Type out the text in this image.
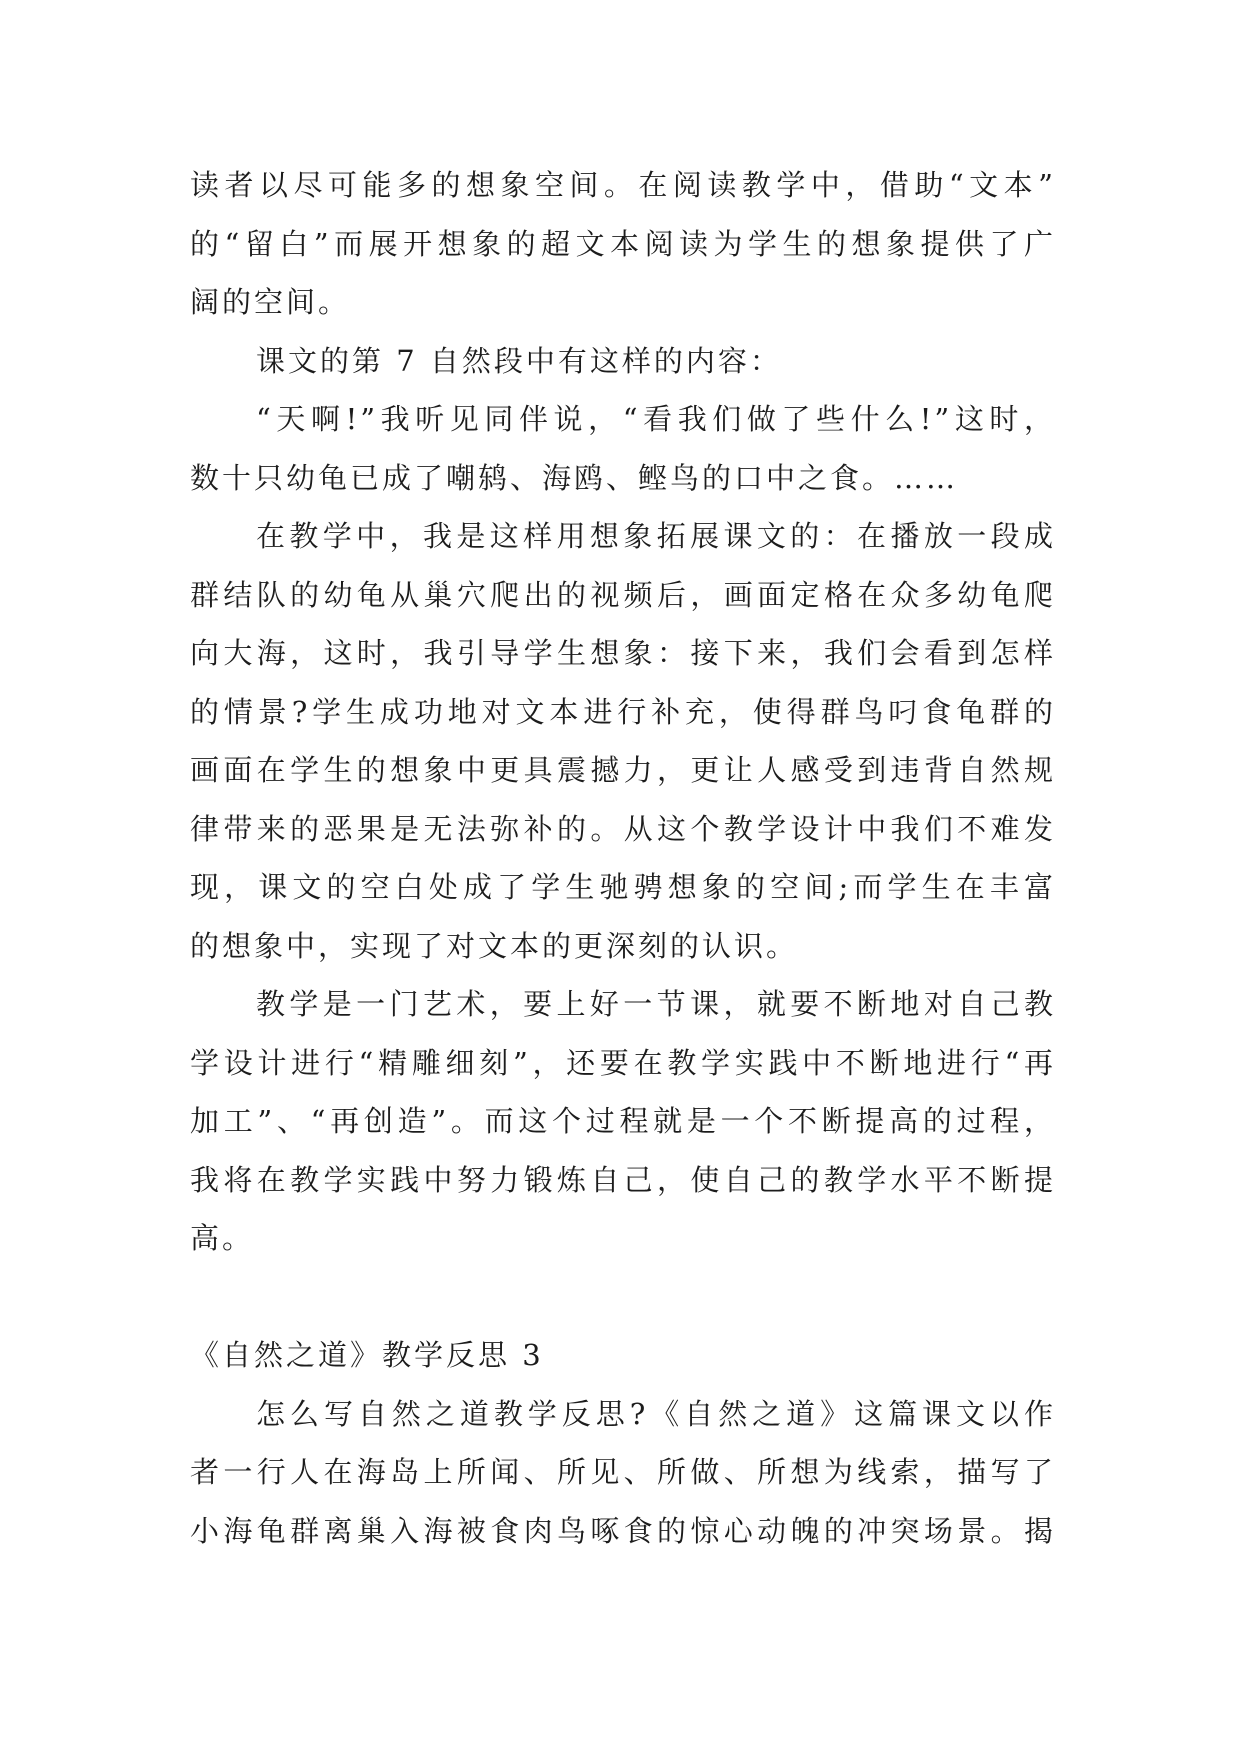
读者以尽可能多的想象空间。在阅读教学中，借助“文本”
的“留白”而展开想象的超文本阅读为学生的想象提供了广
阔的空间。
课文的第 7 自然段中有这样的内容：
“天啊!”我听见同伴说，“看我们做了些什么!”这时，
数十只幼龟已成了嘲鸫、海鸥、鲣鸟的口中之食。……
在教学中，我是这样用想象拓展课文的：在播放一段成
群结队的幼龟从巢穴爬出的视频后，画面定格在众多幼龟爬
向大海，这时，我引导学生想象：接下来，我们会看到怎样
的情景?学生成功地对文本进行补充，使得群鸟叼食龟群的
画面在学生的想象中更具震撼力，更让人感受到违背自然规
律带来的恶果是无法弥补的。从这个教学设计中我们不难发
现，课文的空白处成了学生驰骋想象的空间;而学生在丰富
的想象中，实现了对文本的更深刻的认识。
教学是一门艺术，要上好一节课，就要不断地对自己教
学设计进行“精雕细刻”，还要在教学实践中不断地进行“再
加工”、“再创造”。而这个过程就是一个不断提高的过程，
我将在教学实践中努力锻炼自己，使自己的教学水平不断提
高。
《自然之道》教学反思 3
怎么写自然之道教学反思?《自然之道》这篇课文以作
者一行人在海岛上所闻、所见、所做、所想为线索，描写了
小海龟群离巢入海被食肉鸟啄食的惊心动魄的冲突场景。揭
